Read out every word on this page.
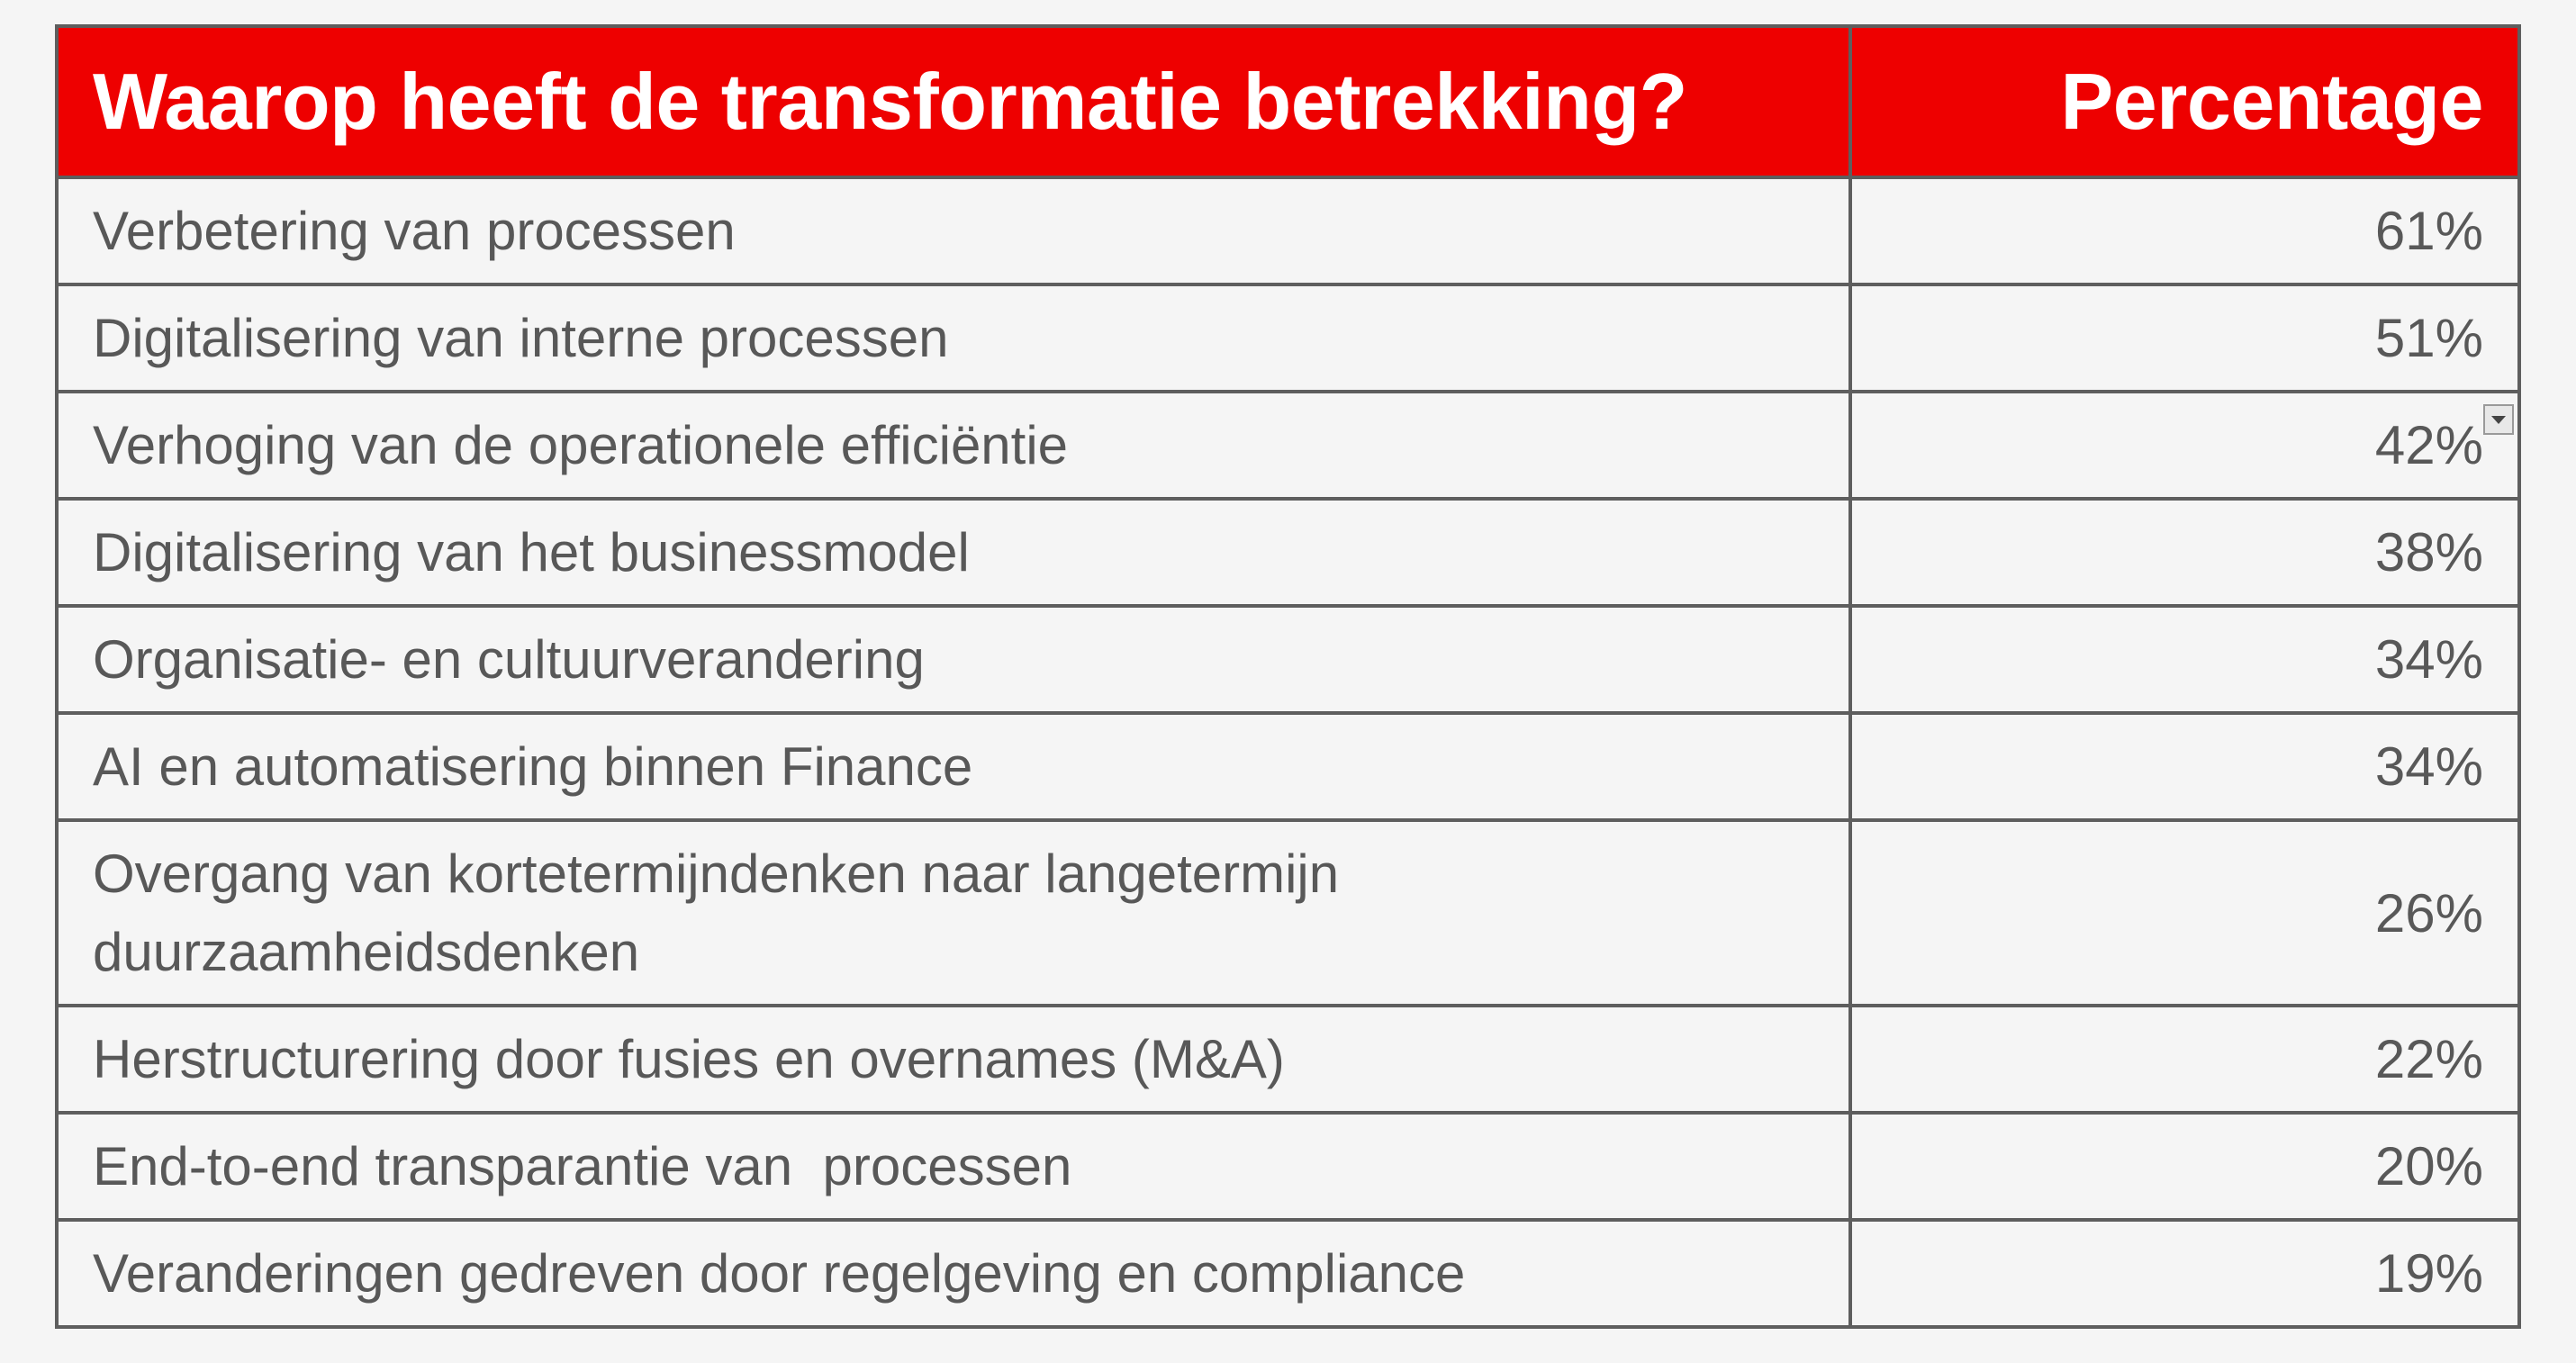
Waarop heeft de transformatie betrekking?	Percentage
Verbetering van processen	61%
Digitalisering van interne processen	51%
Verhoging van de operationele efficiëntie	42%

Digitalisering van het businessmodel	38%
Organisatie- en cultuurverandering	34%
AI en automatisering binnen Finance	34%
Overgang van kortetermijndenken naar langetermijn duurzaamheidsdenken	26%
Herstructurering door fusies en overnames (M&A)	22%
End-to-end transparantie van  processen	20%
Veranderingen gedreven door regelgeving en compliance	19%
